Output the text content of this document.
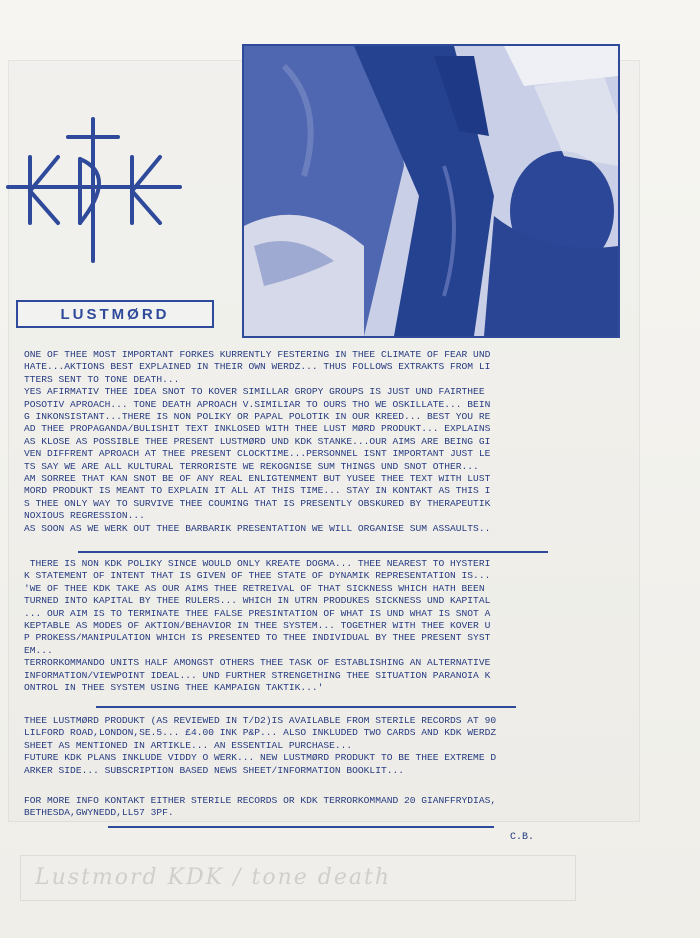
LUSTMØRD
ONE OF THEE MOST IMPORTANT FORKES KURRENTLY FESTERING IN THEE CLIMATE OF FEAR UND
HATE...AKTIONS BEST EXPLAINED IN THEIR OWN WERDZ... THUS FOLLOWS EXTRAKTS FROM LI
TTERS SENT TO TONE DEATH...
YES AFIRMATIV THEE IDEA SNOT TO KOVER SIMILLAR GROPY GROUPS IS JUST UND FAIRTHEE
POSOTIV APROACH... TONE DEATH APROACH V.SIMILIAR TO OURS THO WE OSKILLATE... BEIN
G INKONSISTANT...THERE IS NON POLIKY OR PAPAL POLOTIK IN OUR KREED... BEST YOU RE
AD THEE PROPAGANDA/BULISHIT TEXT INKLOSED WITH THEE LUST MØRD PRODUKT... EXPLAINS
AS KLOSE AS POSSIBLE THEE PRESENT LUSTMØRD UND KDK STANKE...OUR AIMS ARE BEING GI
VEN DIFFRENT APROACH AT THEE PRESENT CLOCKTIME...PERSONNEL ISNT IMPORTANT JUST LE
TS SAY WE ARE ALL KULTURAL TERRORISTE WE REKOGNISE SUM THINGS UND SNOT OTHER...
AM SORREE THAT KAN SNOT BE OF ANY REAL ENLIGTENMENT BUT YUSEE THEE TEXT WITH LUST
MORD PRODUKT IS MEANT TO EXPLAIN IT ALL AT THIS TIME... STAY IN KONTAKT AS THIS I
S THEE ONLY WAY TO SURVIVE THEE COUMING THAT IS PRESENTLY OBSKURED BY THERAPEUTIK
NOXIOUS REGRESSION...
AS SOON AS WE WERK OUT THEE BARBARIK PRESENTATION WE WILL ORGANISE SUM ASSAULTS..
THERE IS NON KDK POLIKY SINCE WOULD ONLY KREATE DOGMA... THEE NEAREST TO HYSTERI
K STATEMENT OF INTENT THAT IS GIVEN OF THEE STATE OF DYNAMIK REPRESENTATION IS...
'WE OF THEE KDK TAKE AS OUR AIMS THEE RETREIVAL OF THAT SICKNESS WHICH HATH BEEN
TURNED INTO KAPITAL BY THEE RULERS... WHICH IN UTRN PRODUKES SICKNESS UND KAPITAL
... OUR AIM IS TO TERMINATE THEE FALSE PRESINTATION OF WHAT IS UND WHAT IS SNOT A
KEPTABLE AS MODES OF AKTION/BEHAVIOR IN THEE SYSTEM... TOGETHER WITH THEE KOVER U
P PROKESS/MANIPULATION WHICH IS PRESENTED TO THEE INDIVIDUAL BY THEE PRESENT SYST
EM...
TERRORKOMMANDO UNITS HALF AMONGST OTHERS THEE TASK OF ESTABLISHING AN ALTERNATIVE
INFORMATION/VIEWPOINT IDEAL... UND FURTHER STRENGETHING THEE SITUATION PARANOIA K
ONTROL IN THEE SYSTEM USING THEE KAMPAIGN TAKTIK...'
THEE LUSTMØRD PRODUKT (AS REVIEWED IN T/D2)IS AVAILABLE FROM STERILE RECORDS AT 90
LILFORD ROAD,LONDON,SE.5... £4.00 INK P&P... ALSO INKLUDED TWO CARDS AND KDK WERDZ
SHEET AS MENTIONED IN ARTIKLE... AN ESSENTIAL PURCHASE...
FUTURE KDK PLANS INKLUDE VIDDY O WERK... NEW LUSTMØRD PRODUKT TO BE THEE EXTREME D
ARKER SIDE... SUBSCRIPTION BASED NEWS SHEET/INFORMATION BOOKLIT...
FOR MORE INFO KONTAKT EITHER STERILE RECORDS OR KDK TERRORKOMMAND 20 GIANFFRYDIAS,
BETHESDA,GWYNEDD,LL57 3PF.
C.B.
Lustmord KDK / tone death
